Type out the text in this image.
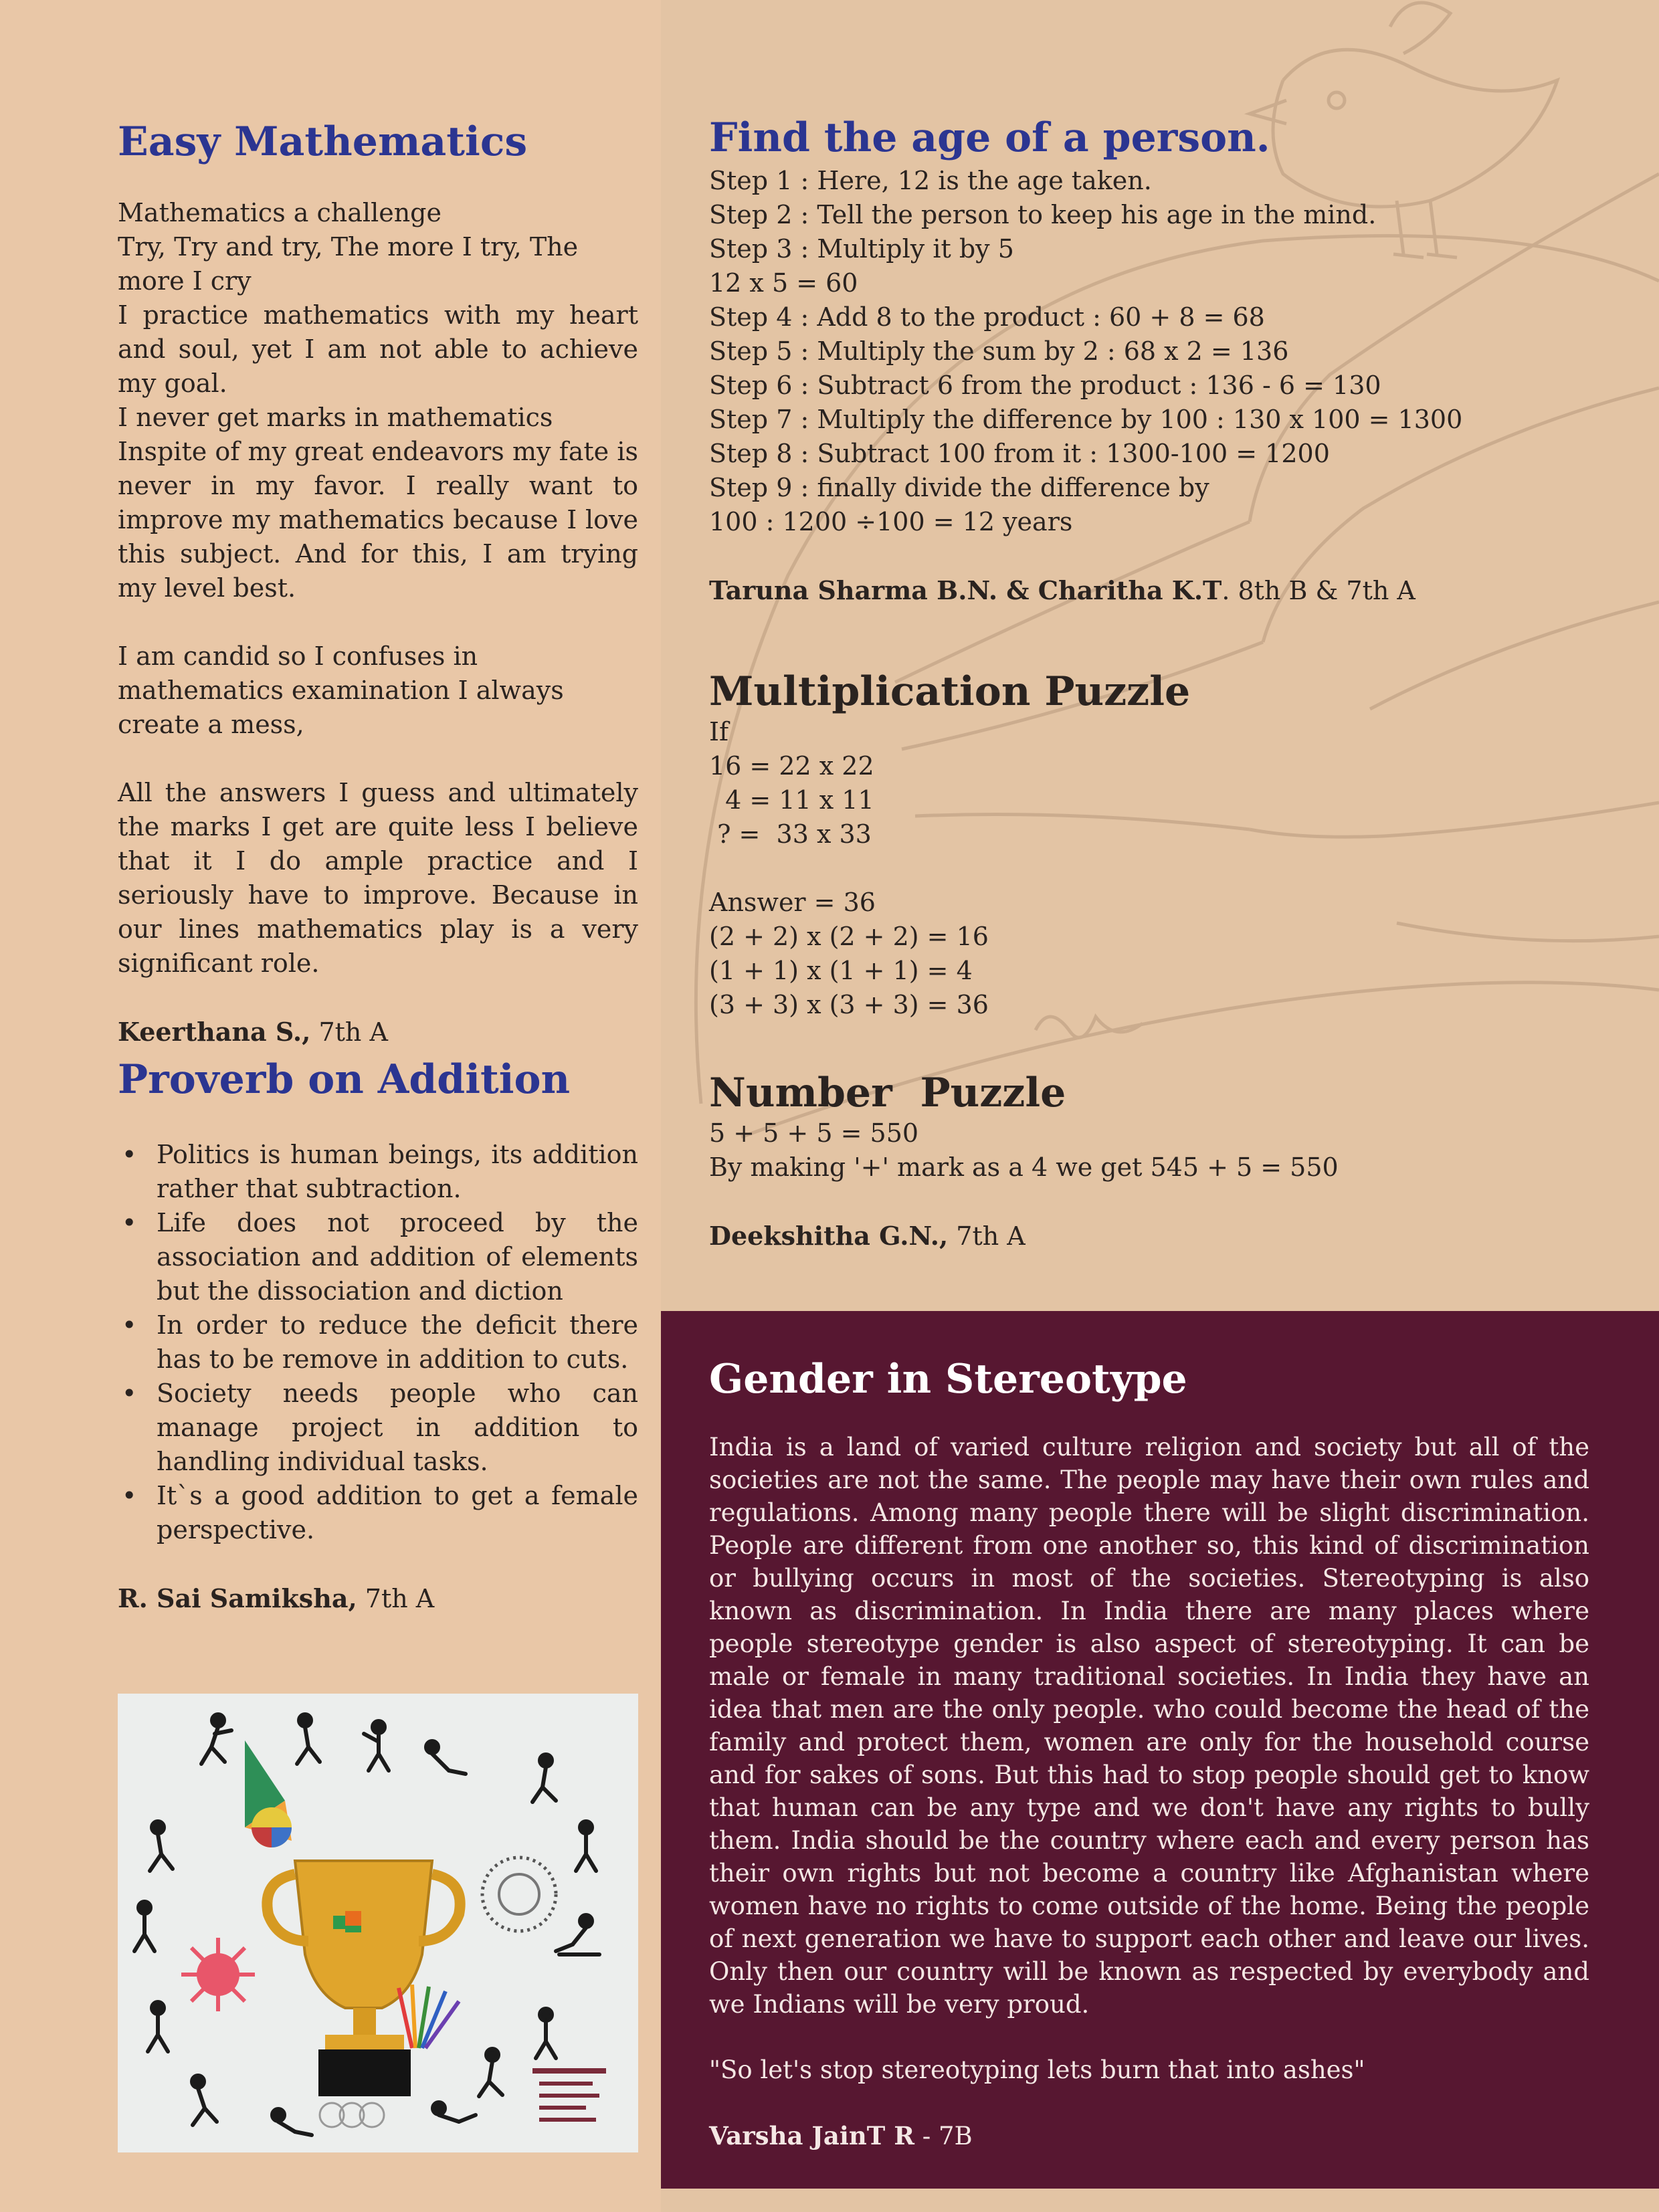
Easy Mathematics

Mathematics a challenge

Try, Try and try, The more I try, The more I cry

I practice mathematics with my heart and soul, yet I am not able to achieve my goal.

I never get marks in mathematics

Inspite of my great endeavors my fate is never in my favor. I really want to improve my mathematics because I love this subject. And for this, I am trying my level best.

I am candid so I confuses in mathematics examination I always create a mess,

All the answers I guess and ultimately the marks I get are quite less I believe that it I do ample practice and I seriously have to improve. Because in our lines mathematics play is a very significant role.

Keerthana S., 7th A

Proverb on Addition
• Politics is human beings, its addition rather that subtraction.
• Life does not proceed by the association and addition of elements but the dissociation and diction
• In order to reduce the deficit there has to be remove in addition to cuts.
• Society needs people who can manage project in addition to handling individual tasks.
• It`s a good addition to get a female perspective.

R. Sai Samiksha, 7th A

Find the age of a person.

Step 1 : Here, 12 is the age taken.

Step 2 : Tell the person to keep his age in the mind.

Step 3 : Multiply it by 5

12 x 5 = 60

Step 4 : Add 8 to the product : 60 + 8 = 68

Step 5 : Multiply the sum by 2 : 68 x 2 = 136

Step 6 : Subtract 6 from the product : 136 - 6 = 130

Step 7 : Multiply the difference by 100 : 130 x 100 = 1300

Step 8 : Subtract 100 from it : 1300-100 = 1200

Step 9 : finally divide the difference by

100 : 1200 ÷100 = 12 years

Taruna Sharma B.N. & Charitha K.T. 8th B & 7th A

Multiplication Puzzle

If

16 = 22 x 22

4 = 11 x 11

? =  33 x 33

Answer = 36

(2 + 2) x (2 + 2) = 16

(1 + 1) x (1 + 1) = 4

(3 + 3) x (3 + 3) = 36

Number  Puzzle

5 + 5 + 5 = 550

By making '+' mark as a 4 we get 545 + 5 = 550

Deekshitha G.N., 7th A

Gender in Stereotype

India is a land of varied culture religion and society but all of the societies are not the same. The people may have their own rules and regulations. Among many people there will be slight discrimination. People are different from one another so, this kind of discrimination or bullying occurs in most of the societies. Stereotyping is also known as discrimination. In India there are many places where people stereotype gender is also aspect of stereotyping. It can be male or female in many traditional societies. In India they have an idea that men are the only people. who could become the head of the family and protect them, women are only for the household course and for sakes of sons. But this had to stop people should get to know that human can be any type and we don't have any rights to bully them. India should be the country where each and every person has their own rights but not become a country like Afghanistan where women have no rights to come outside of the home. Being the people of next generation we have to support each other and leave our lives. Only then our country will be known as respected by everybody and we Indians will be very proud.

"So let's stop stereotyping lets burn that into ashes"

Varsha JainT R - 7B
